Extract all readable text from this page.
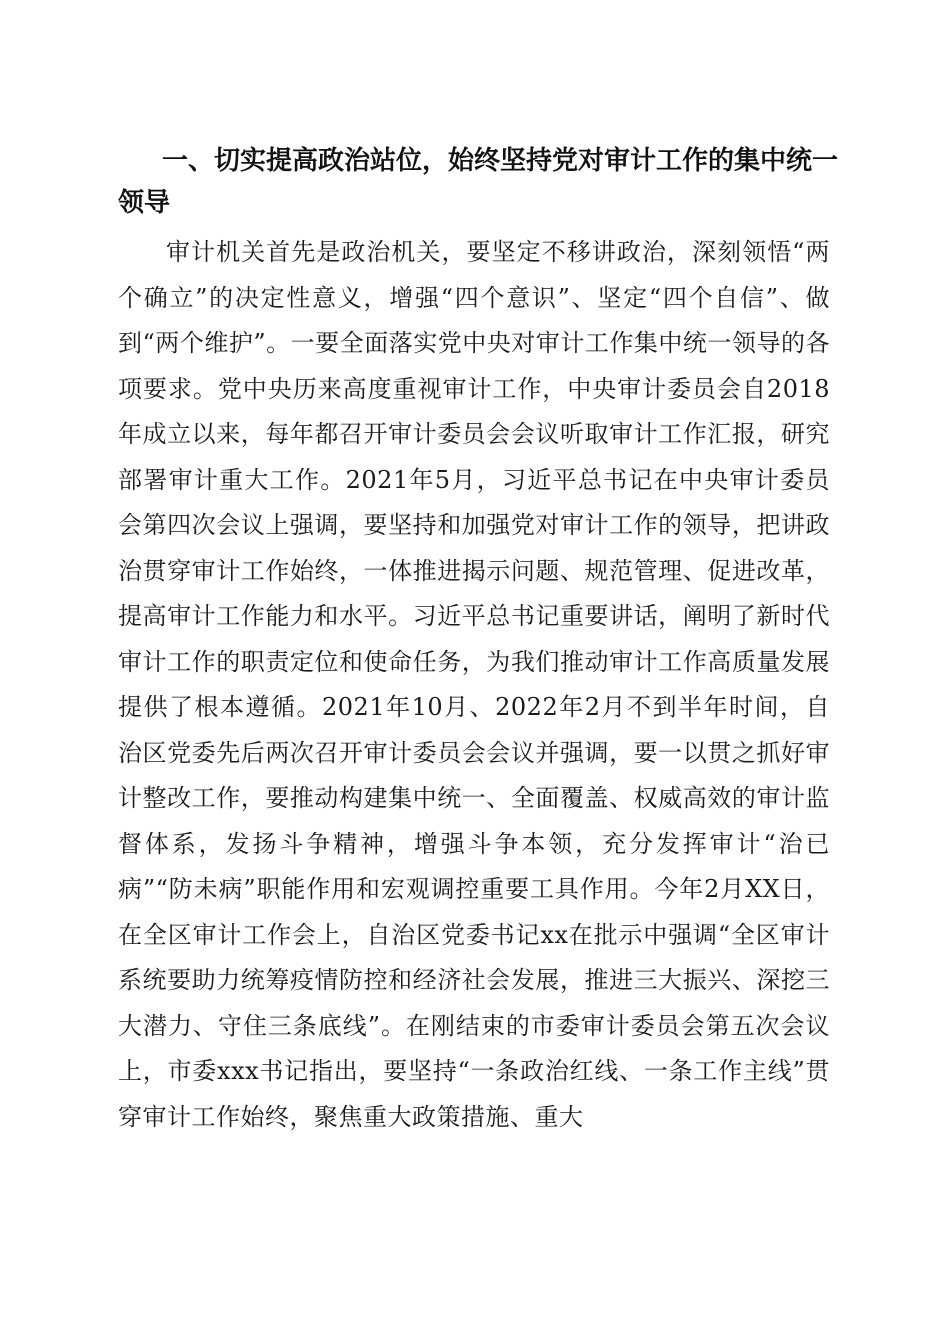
一、切实提高政治站位，始终坚持党对审计工作的集中统一领导

审计机关首先是政治机关，要坚定不移讲政治，深刻领悟“两个确立”的决定性意义，增强“四个意识”、坚定“四个自信”、做到“两个维护”。一要全面落实党中央对审计工作集中统一领导的各项要求。党中央历来高度重视审计工作，中央审计委员会自2018年成立以来，每年都召开审计委员会会议听取审计工作汇报，研究部署审计重大工作。2021年5月，习近平总书记在中央审计委员会第四次会议上强调，要坚持和加强党对审计工作的领导，把讲政治贯穿审计工作始终，一体推进揭示问题、规范管理、促进改革，提高审计工作能力和水平。习近平总书记重要讲话，阐明了新时代审计工作的职责定位和使命任务，为我们推动审计工作高质量发展提供了根本遵循。2021年10月、2022年2月不到半年时间，自治区党委先后两次召开审计委员会会议并强调，要一以贯之抓好审计整改工作，要推动构建集中统一、全面覆盖、权威高效的审计监督体系，发扬斗争精神，增强斗争本领，充分发挥审计“治已病”“防未病”职能作用和宏观调控重要工具作用。今年2月XX日，在全区审计工作会上，自治区党委书记xx在批示中强调“全区审计系统要助力统筹疫情防控和经济社会发展，推进三大振兴、深挖三大潜力、守住三条底线”。在刚结束的市委审计委员会第五次会议上，市委xxx书记指出，要坚持“一条政治红线、一条工作主线”贯穿审计工作始终，聚焦重大政策措施、重大
